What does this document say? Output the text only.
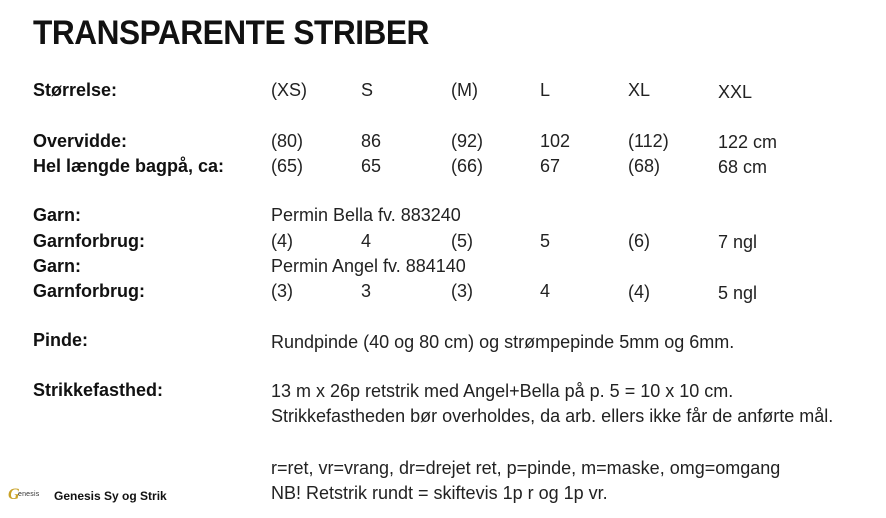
TRANSPARENTE STRIBER
Størrelse:	(XS)	S	(M)	L	XL	XXL
Overvidde:	(80)	86	(92)	102	(112)	122 cm
Hel længde bagpå, ca:	(65)	65	(66)	67	(68)	68 cm
Garn:	Permin Bella fv. 883240
Garnforbrug:	(4)	4	(5)	5	(6)	7 ngl
Garn:	Permin Angel fv. 884140
Garnforbrug:	(3)	3	(3)	4	(4)	5 ngl
Pinde:	Rundpinde (40 og 80 cm) og strømpepinde 5mm og 6mm.
Strikkefasthed:	13 m x 26p retstrik med Angel+Bella på p. 5 = 10 x 10 cm.
Strikkefastheden bør overholdes, da arb. ellers ikke får de anførte mål.
r=ret, vr=vrang, dr=drejet ret, p=pinde, m=maske, omg=omgang
NB! Retstrik rundt = skiftevis 1p r og 1p vr.
G
enesis Genesis Sy og Strik
